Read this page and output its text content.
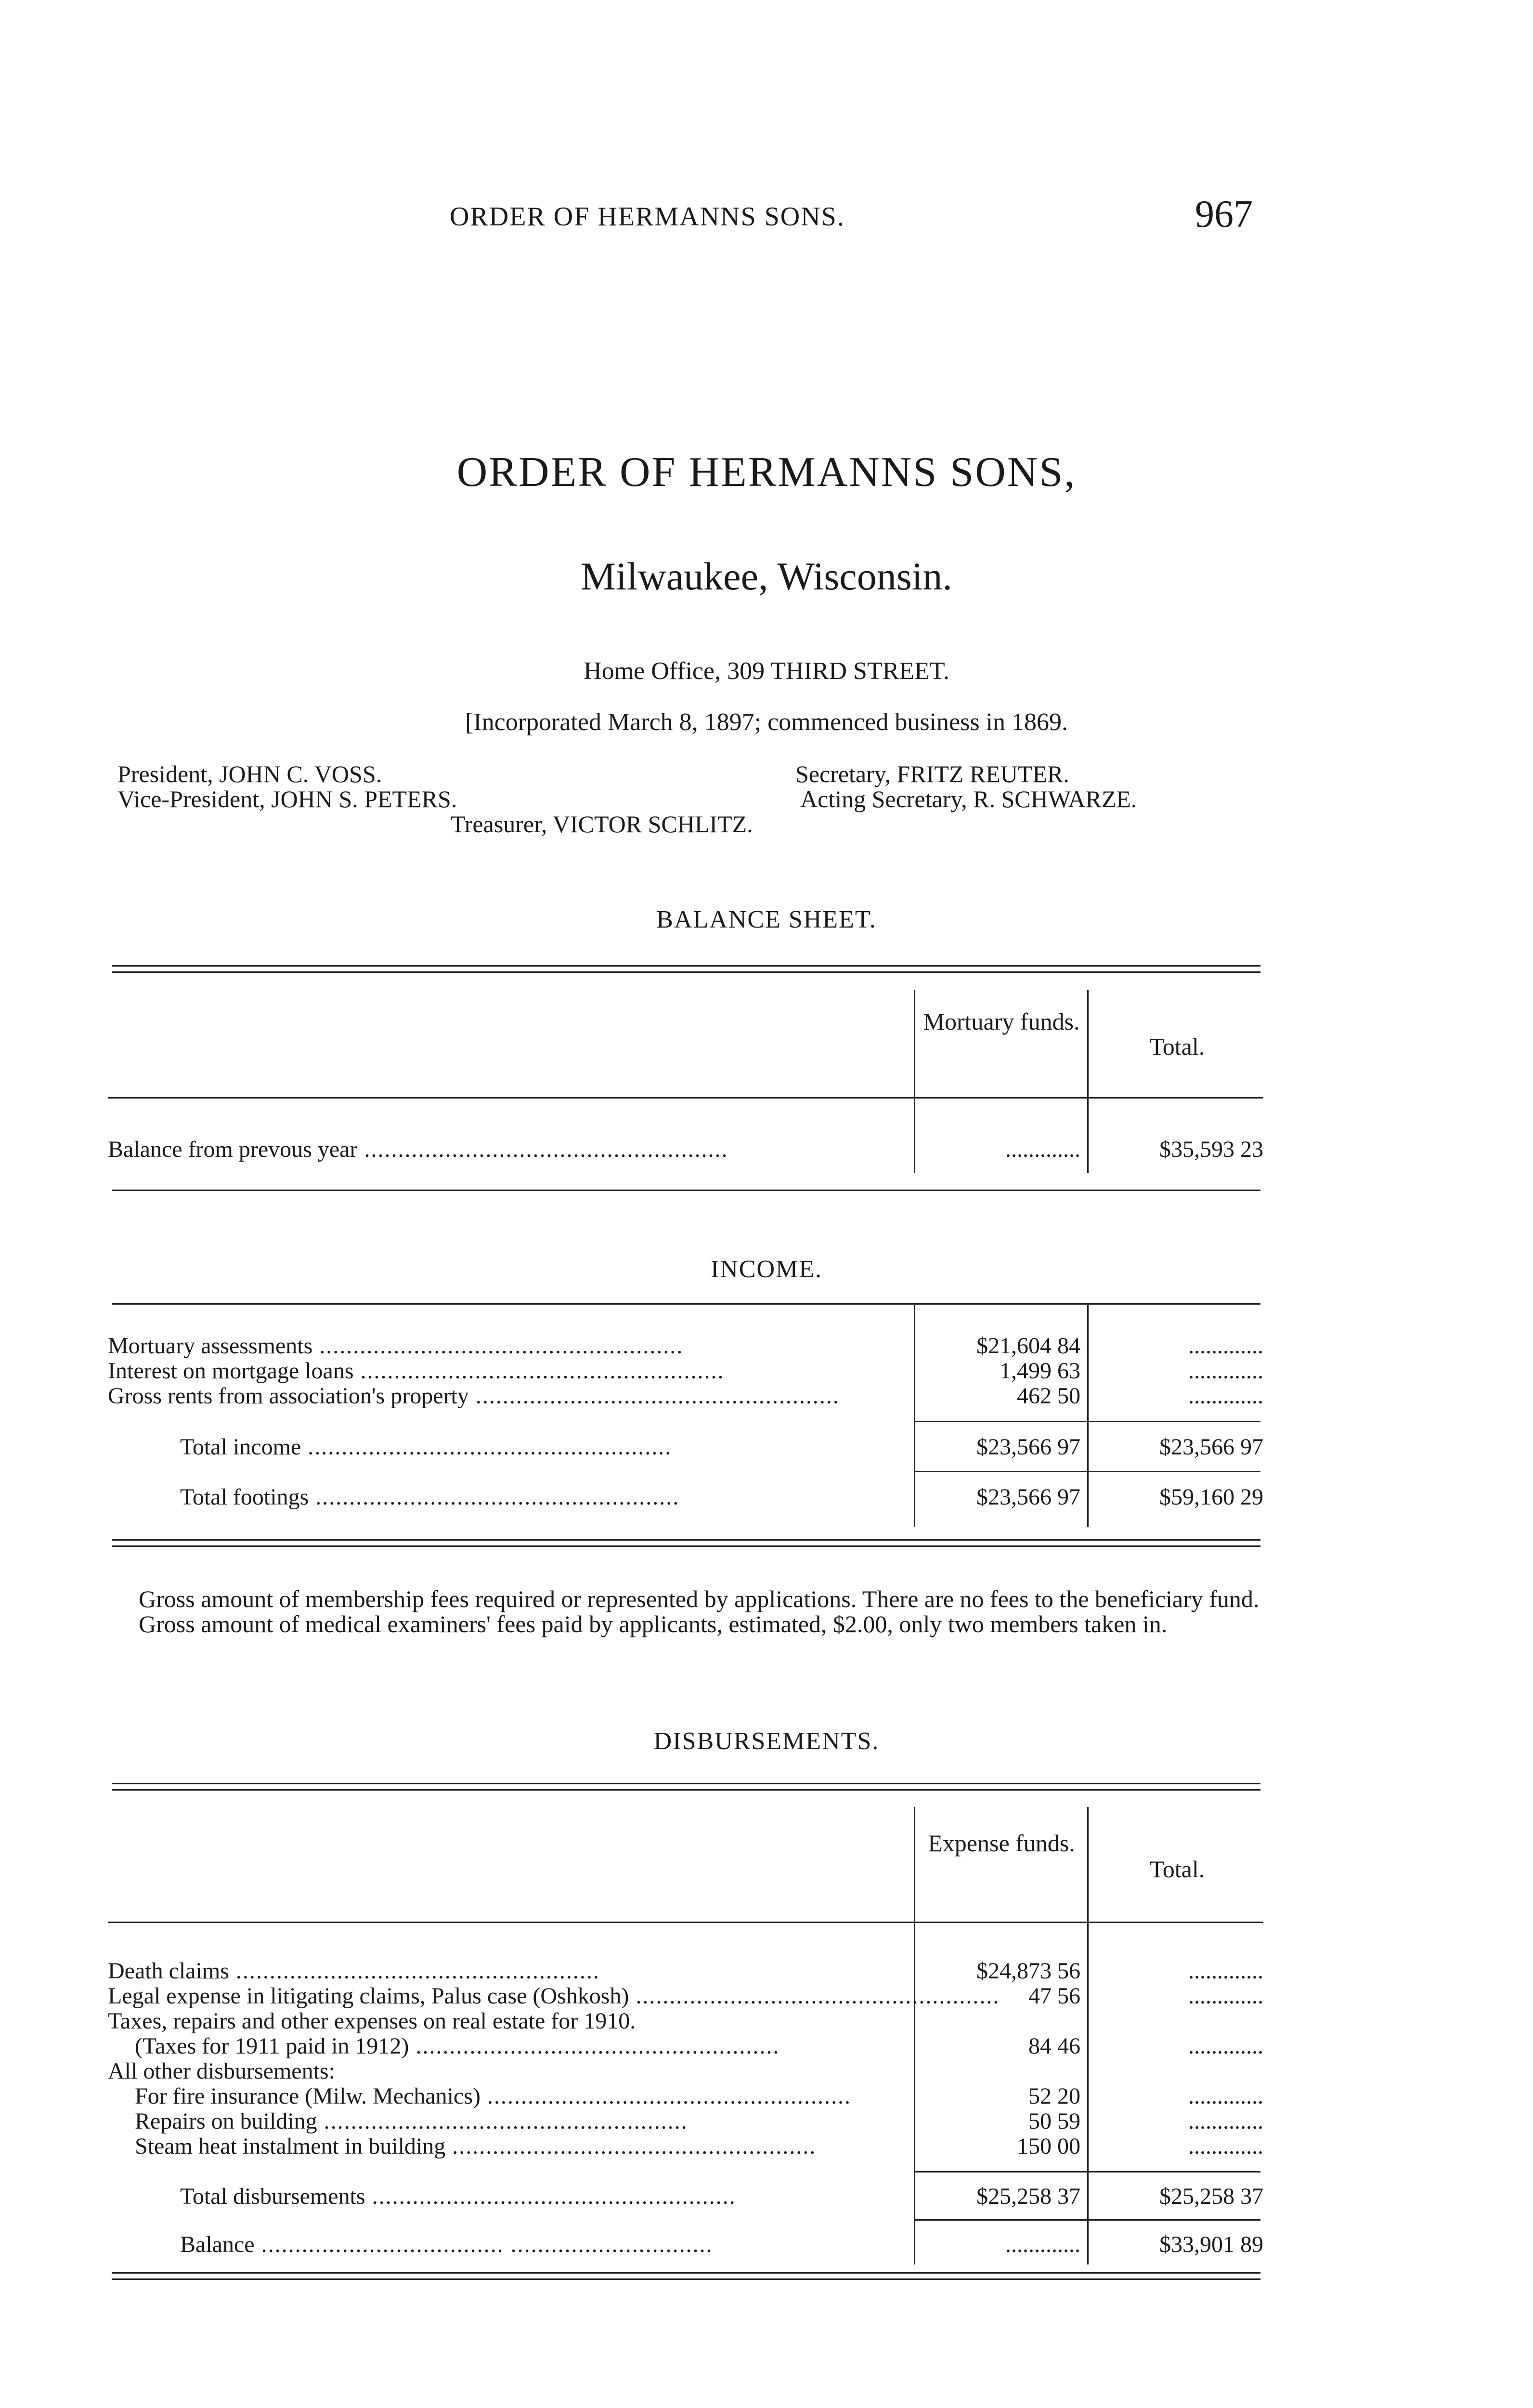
ORDER OF HERMANNS SONS.	967
ORDER OF HERMANNS SONS,
Milwaukee, Wisconsin.
Home Office, 309 THIRD STREET.
[Incorporated March 8, 1897; commenced business in 1869.
President, JOHN C. VOSS.
Vice-President, JOHN S. PETERS.
Secretary, FRITZ REUTER.
Acting Secretary, R. SCHWARZE.
Treasurer, VICTOR SCHLITZ.
BALANCE SHEET.
Mortuary funds.
Total.
Balance from prevous year ......................................................	.............	$35,593 23
INCOME.
Mortuary assessments ......................................................	$21,604 84	.............
Interest on mortgage loans ......................................................	1,499 63	.............
Gross rents from association's property ......................................................	462 50	.............
Total income ......................................................	$23,566 97	$23,566 97
Total footings ......................................................	$23,566 97	$59,160 29

Gross amount of membership fees required or represented by applications. There are no fees to the beneficiary fund.

Gross amount of medical examiners' fees paid by applicants, estimated, $2.00, only two members taken in.

DISBURSEMENTS.
Expense funds.
Total.
Death claims ......................................................	$24,873 56	.............
Legal expense in litigating claims, Palus case (Oshkosh) ......................................................	47 56	.............
Taxes, repairs and other expenses on real estate for 1910.
(Taxes for 1911 paid in 1912) ......................................................	84 46	.............
All other disbursements:
For fire insurance (Milw. Mechanics) ......................................................	52 20	.............
Repairs on building ......................................................	50 59	.............
Steam heat instalment in building ......................................................	150 00	.............
Total disbursements ......................................................	$25,258 37	$25,258 37
Balance .................................... ..............................	.............	$33,901 89
